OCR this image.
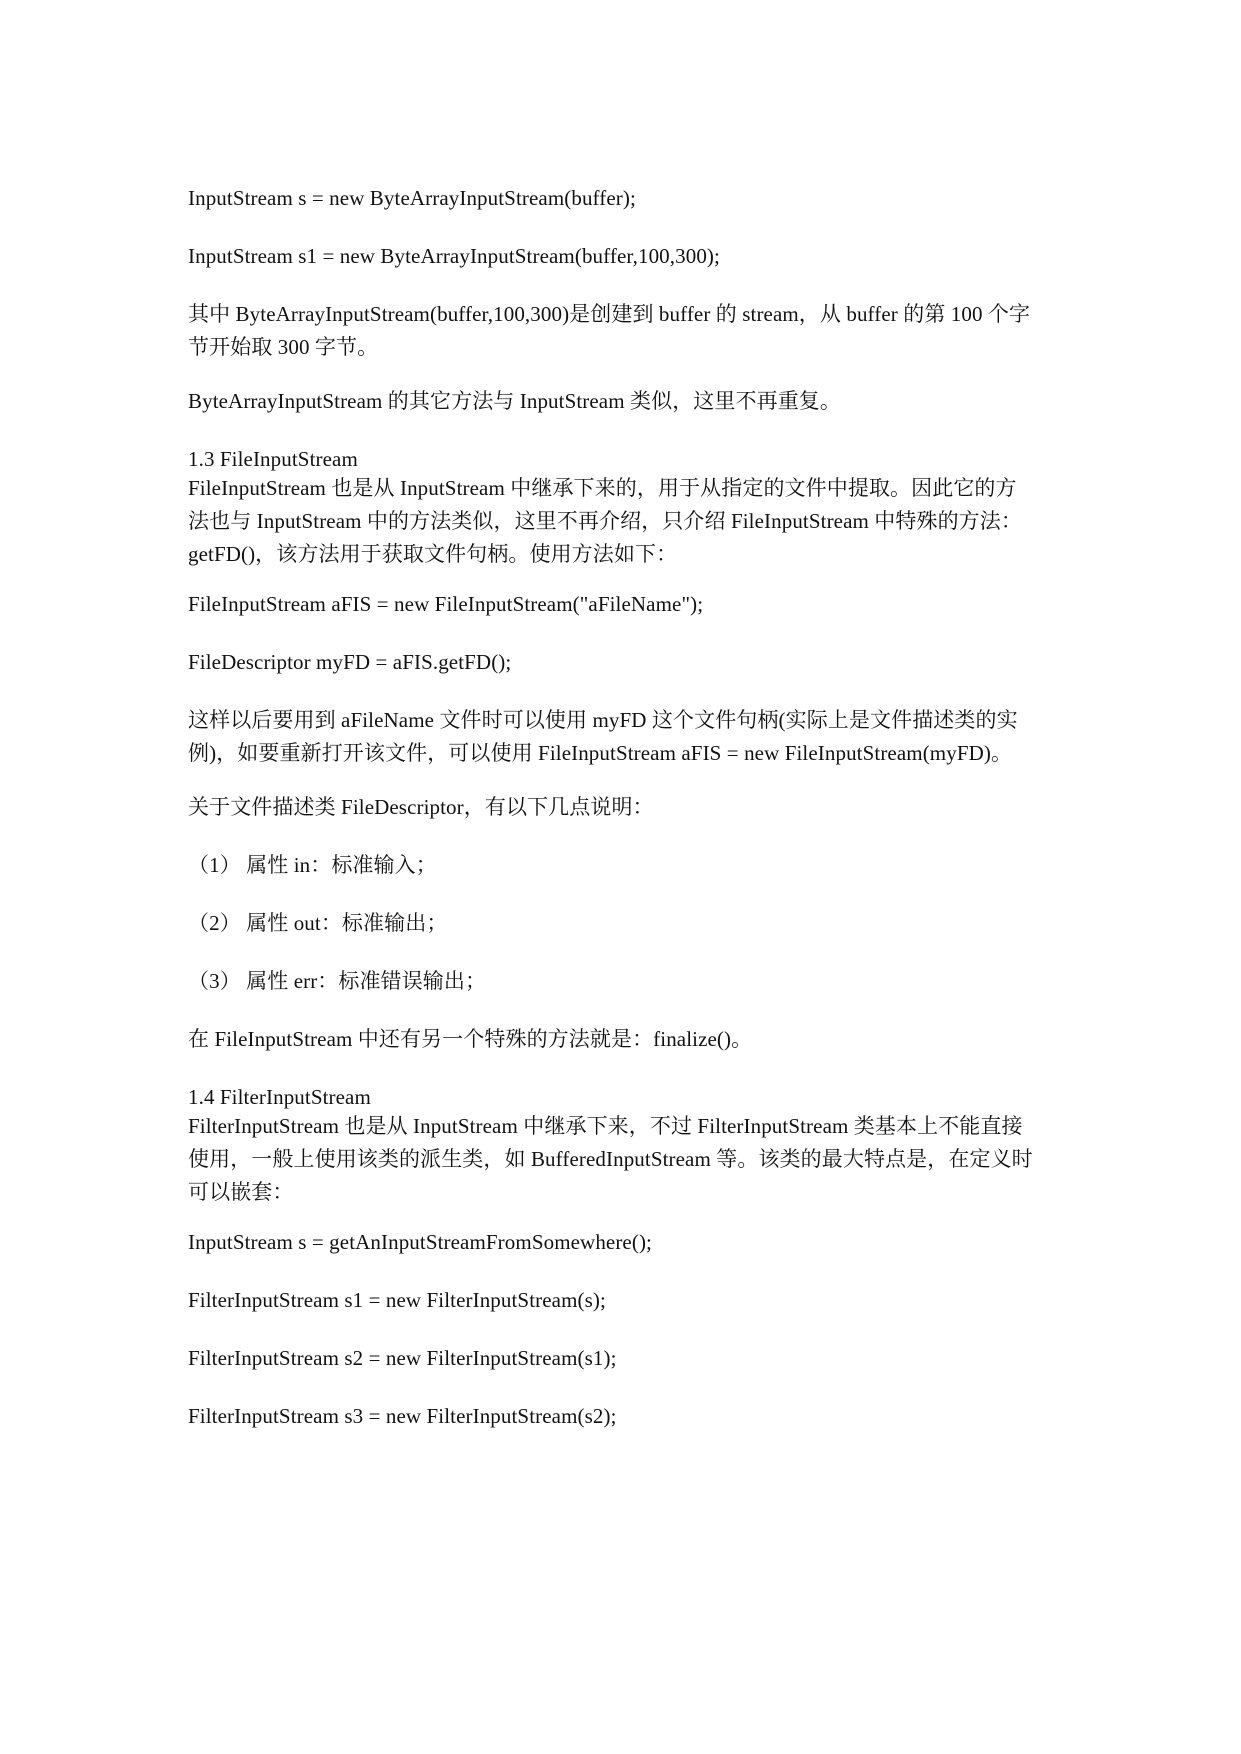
InputStream s = new ByteArrayInputStream(buffer);
InputStream s1 = new ByteArrayInputStream(buffer,100,300);
其中 ByteArrayInputStream(buffer,100,300)是创建到 buffer 的 stream，从 buffer 的第 100 个字
节开始取 300 字节。
ByteArrayInputStream 的其它方法与 InputStream 类似，这里不再重复。
1.3 FileInputStream
FileInputStream 也是从 InputStream 中继承下来的，用于从指定的文件中提取。因此它的方
法也与 InputStream 中的方法类似，这里不再介绍，只介绍 FileInputStream 中特殊的方法：
getFD()，该方法用于获取文件句柄。使用方法如下：
FileInputStream aFIS = new FileInputStream("aFileName");
FileDescriptor myFD = aFIS.getFD();
这样以后要用到 aFileName 文件时可以使用 myFD 这个文件句柄(实际上是文件描述类的实
例)，如要重新打开该文件，可以使用 FileInputStream aFIS = new FileInputStream(myFD)。
关于文件描述类 FileDescriptor，有以下几点说明：
（1） 属性 in：标准输入；
（2） 属性 out：标准输出；
（3） 属性 err：标准错误输出；
在 FileInputStream 中还有另一个特殊的方法就是：finalize()。
1.4 FilterInputStream
FilterInputStream 也是从 InputStream 中继承下来，不过 FilterInputStream 类基本上不能直接
使用，一般上使用该类的派生类，如 BufferedInputStream 等。该类的最大特点是，在定义时
可以嵌套：
InputStream s = getAnInputStreamFromSomewhere();
FilterInputStream s1 = new FilterInputStream(s);
FilterInputStream s2 = new FilterInputStream(s1);
FilterInputStream s3 = new FilterInputStream(s2);
